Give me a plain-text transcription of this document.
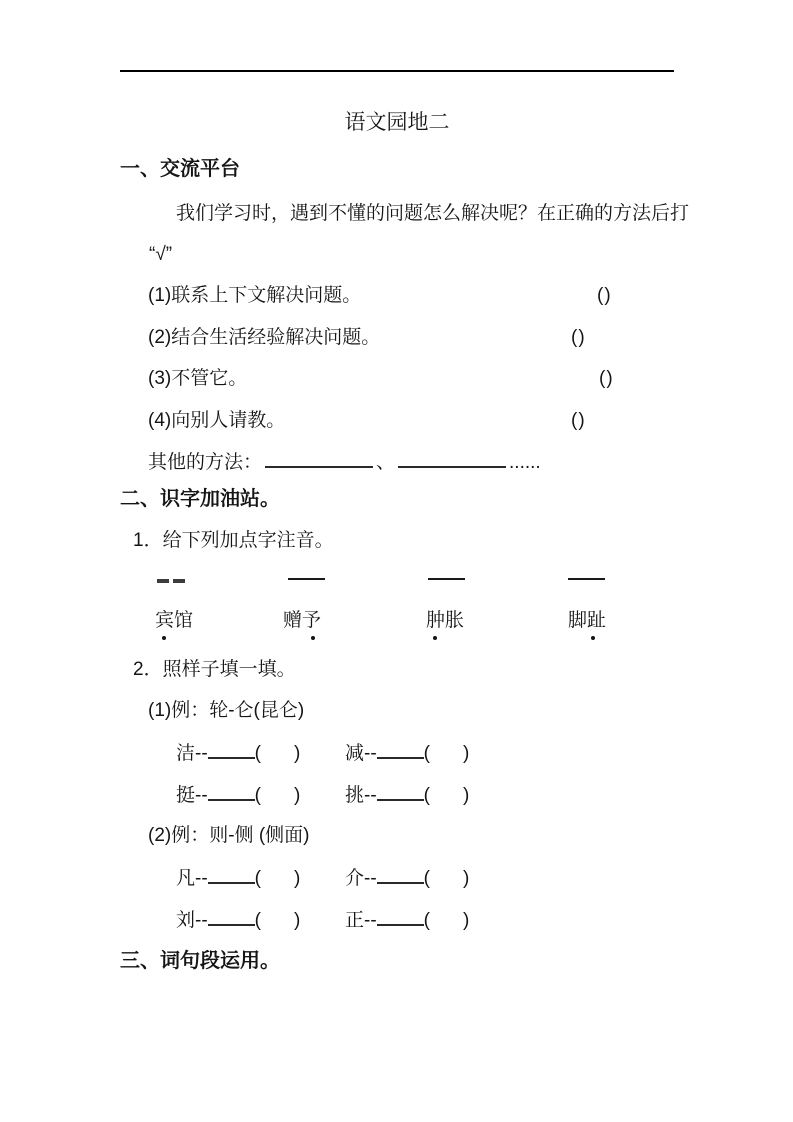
语文园地二
一、交流平台
我们学习时，遇到不懂的问题怎么解决呢？在正确的方法后打
“√”
(1)联系上下文解决问题。	()
(2)结合生活经验解决问题。	()
(3)不管它。	()
(4)向别人请教。	()
其他的方法：	、	......
二、识字加油站。
1．给下列加点字注音。
宾馆	赠予	肿胀	脚趾
2．照样子填一填。
(1)例：轮-仑(昆仑)
洁-- ( ) 减-- ( )
挺-- ( ) 挑-- ( )
(2)例：则-侧 (侧面)
凡-- ( ) 介-- ( )
刘-- ( ) 正-- ( )
三、词句段运用。
